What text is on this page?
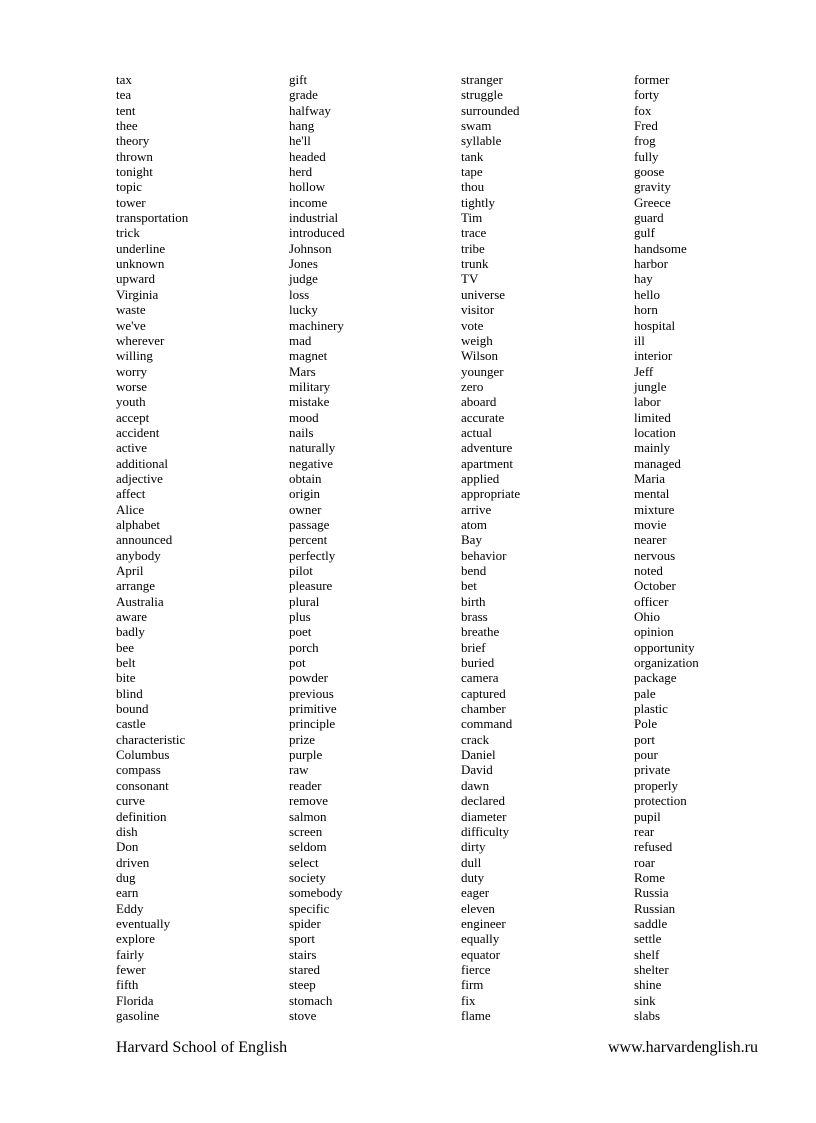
tax
tea
tent
thee
theory
thrown
tonight
topic
tower
transportation
trick
underline
unknown
upward
Virginia
waste
we've
wherever
willing
worry
worse
youth
accept
accident
active
additional
adjective
affect
Alice
alphabet
announced
anybody
April
arrange
Australia
aware
badly
bee
belt
bite
blind
bound
castle
characteristic
Columbus
compass
consonant
curve
definition
dish
Don
driven
dug
earn
Eddy
eventually
explore
fairly
fewer
fifth
Florida
gasoline
gift
grade
halfway
hang
he'll
headed
herd
hollow
income
industrial
introduced
Johnson
Jones
judge
loss
lucky
machinery
mad
magnet
Mars
military
mistake
mood
nails
naturally
negative
obtain
origin
owner
passage
percent
perfectly
pilot
pleasure
plural
plus
poet
porch
pot
powder
previous
primitive
principle
prize
purple
raw
reader
remove
salmon
screen
seldom
select
society
somebody
specific
spider
sport
stairs
stared
steep
stomach
stove
stranger
struggle
surrounded
swam
syllable
tank
tape
thou
tightly
Tim
trace
tribe
trunk
TV
universe
visitor
vote
weigh
Wilson
younger
zero
aboard
accurate
actual
adventure
apartment
applied
appropriate
arrive
atom
Bay
behavior
bend
bet
birth
brass
breathe
brief
buried
camera
captured
chamber
command
crack
Daniel
David
dawn
declared
diameter
difficulty
dirty
dull
duty
eager
eleven
engineer
equally
equator
fierce
firm
fix
flame
former
forty
fox
Fred
frog
fully
goose
gravity
Greece
guard
gulf
handsome
harbor
hay
hello
horn
hospital
ill
interior
Jeff
jungle
labor
limited
location
mainly
managed
Maria
mental
mixture
movie
nearer
nervous
noted
October
officer
Ohio
opinion
opportunity
organization
package
pale
plastic
Pole
port
pour
private
properly
protection
pupil
rear
refused
roar
Rome
Russia
Russian
saddle
settle
shelf
shelter
shine
sink
slabs
Harvard School of English	www.harvardenglish.ru
